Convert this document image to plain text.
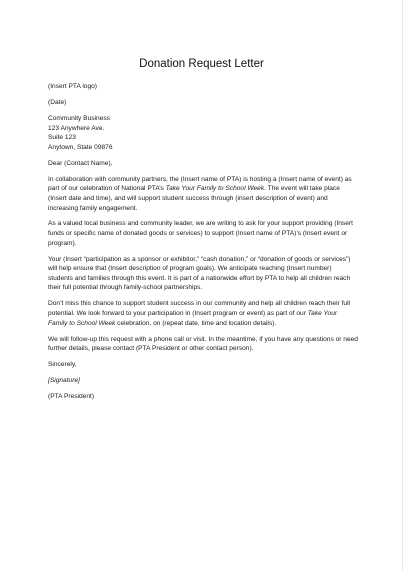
Donation Request Letter

(Insert PTA logo)

(Date)

Community Business
123 Anywhere Ave.
Suite 123
Anytown, State 09876

Dear (Contact Name),

In collaboration with community partners, the (Insert name of PTA) is hosting a (Insert name of event) as part of our celebration of National PTA’s Take Your Family to School Week. The event will take place (Insert date and time), and will support student success through (insert description of event) and increasing family engagement.

As a valued local business and community leader, we are writing to ask for your support providing (Insert funds or specific name of donated goods or services) to support (Insert name of PTA)’s (Insert event or program).

Your (Insert “participation as a sponsor or exhibitor,” “cash donation,” or “donation of goods or services”) will help ensure that (Insert description of program goals). We anticipate reaching (Insert number) students and families through this event. It is part of a nationwide effort by PTA to help all children reach their full potential through family-school partnerships.

Don’t miss this chance to support student success in our community and help all children reach their full potential. We look forward to your participation in (Insert program or event) as part of our Take Your Family to School Week celebration, on (repeat date, time and location details).

We will follow-up this request with a phone call or visit. In the meantime, if you have any questions or need further details, please contact (PTA President or other contact person).

Sincerely,

[Signature]

(PTA President)
